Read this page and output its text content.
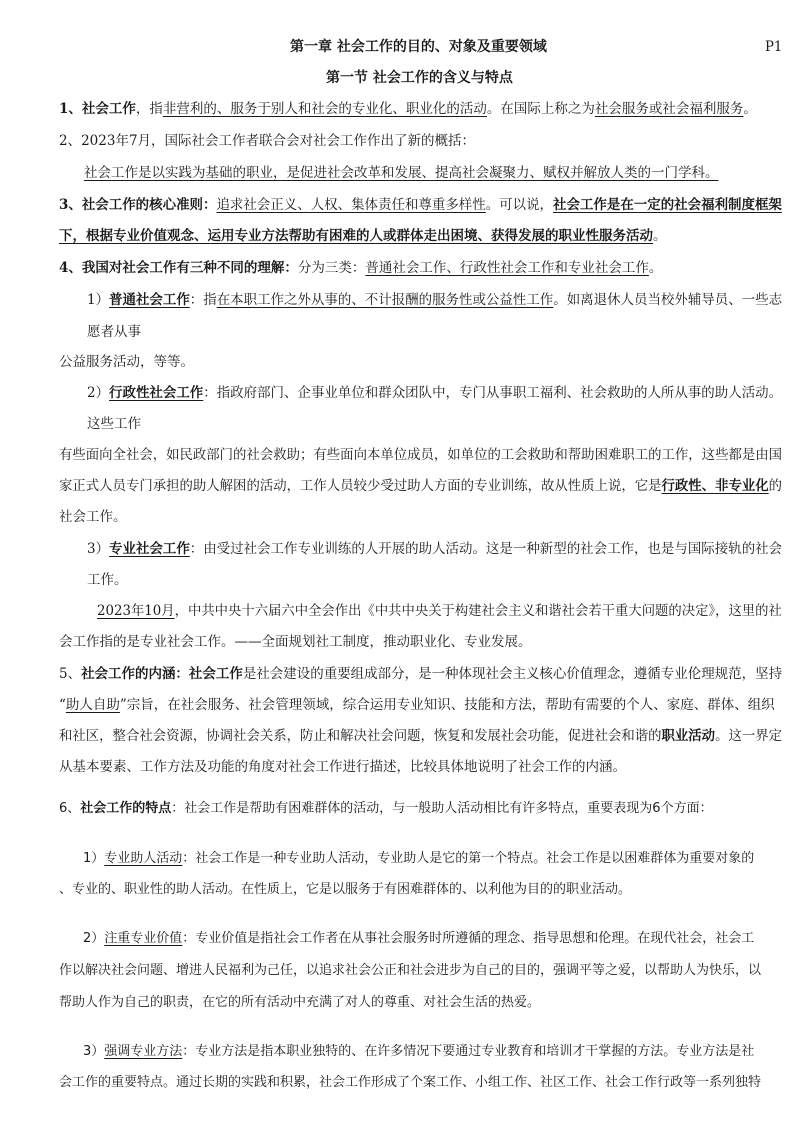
第一章 社会工作的目的、对象及重要领域	P1
第一节 社会工作的含义与特点
1、社会工作，指非营利的、服务于别人和社会的专业化、职业化的活动。在国际上称之为社会服务或社会福利服务。
2、2023年7月，国际社会工作者联合会对社会工作作出了新的概括：
社会工作是以实践为基础的职业，是促进社会改革和发展、提高社会凝聚力、赋权并解放人类的一门学科。
3、社会工作的核心准则：追求社会正义、人权、集体责任和尊重多样性。可以说，社会工作是在一定的社会福利制度框架
下，根据专业价值观念、运用专业方法帮助有困难的人或群体走出困境、获得发展的职业性服务活动。
4、我国对社会工作有三种不同的理解：分为三类：普通社会工作、行政性社会工作和专业社会工作。
1）普通社会工作：指在本职工作之外从事的、不计报酬的服务性或公益性工作。如离退休人员当校外辅导员、一些志
愿者从事
公益服务活动，等等。
2）行政性社会工作：指政府部门、企事业单位和群众团队中，专门从事职工福利、社会救助的人所从事的助人活动。
这些工作
有些面向全社会，如民政部门的社会救助；有些面向本单位成员，如单位的工会救助和帮助困难职工的工作，这些都是由国
家正式人员专门承担的助人解困的活动，工作人员较少受过助人方面的专业训练，故从性质上说，它是行政性、非专业化的
社会工作。
3）专业社会工作：由受过社会工作专业训练的人开展的助人活动。这是一种新型的社会工作，也是与国际接轨的社会
工作。
2023年10月，中共中央十六届六中全会作出《中共中央关于构建社会主义和谐社会若干重大问题的决定》，这里的社
会工作指的是专业社会工作。——全面规划社工制度，推动职业化、专业发展。
5、社会工作的内涵：社会工作是社会建设的重要组成部分，是一种体现社会主义核心价值理念，遵循专业伦理规范，坚持
“助人自助”宗旨，在社会服务、社会管理领域，综合运用专业知识、技能和方法，帮助有需要的个人、家庭、群体、组织
和社区，整合社会资源，协调社会关系，防止和解决社会问题，恢复和发展社会功能，促进社会和谐的职业活动。这一界定
从基本要素、工作方法及功能的角度对社会工作进行描述，比较具体地说明了社会工作的内涵。
6、社会工作的特点：社会工作是帮助有困难群体的活动，与一般助人活动相比有许多特点，重要表现为6个方面：
1）专业助人活动：社会工作是一种专业助人活动，专业助人是它的第一个特点。社会工作是以困难群体为重要对象的
、专业的、职业性的助人活动。在性质上，它是以服务于有困难群体的、以利他为目的的职业活动。
2）注重专业价值：专业价值是指社会工作者在从事社会服务时所遵循的理念、指导思想和伦理。在现代社会，社会工
作以解决社会问题、增进人民福利为己任，以追求社会公正和社会进步为自己的目的，强调平等之爱，以帮助人为快乐，以
帮助人作为自己的职责，在它的所有活动中充满了对人的尊重、对社会生活的热爱。
3）强调专业方法：专业方法是指本职业独特的、在许多情况下要通过专业教育和培训才干掌握的方法。专业方法是社
会工作的重要特点。通过长期的实践和积累，社会工作形成了个案工作、小组工作、社区工作、社会工作行政等一系列独特
